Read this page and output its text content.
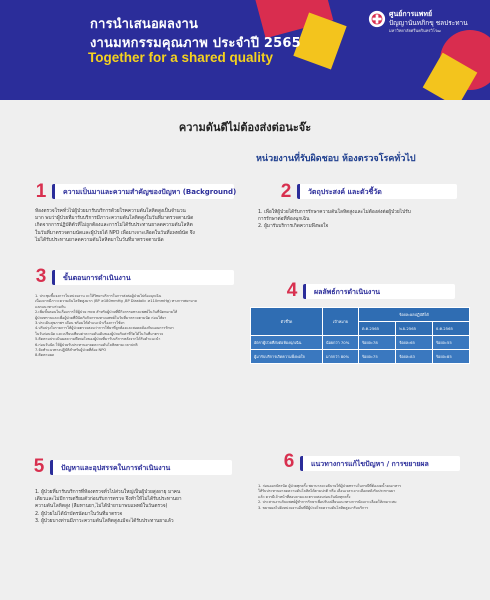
การนำเสนอผลงาน
งานมหกรรมคุณภาพ ประจำปี 2565
Together for a shared quality
ศูนย์การแพทย์
ปัญญานันทภิกขุ ชลประทาน
มหาวิทยาลัยศรีนครินทรวิโรฒ
ความดันดีไม่ต้องส่งต่อนะจ๊ะ
หน่วยงานที่รับผิดชอบ ห้องตรวจโรคทั่วไป
1	ความเป็นมาและความสำคัญของปัญหา (Background)
ห้องตรวจโรคทั่วไปผู้ป่วยมารับบริการด้วยโรคความดันโลหิตสูงเป็นจำนวน
มาก พบว่าผู้ป่วยที่มารับบริการมีภาวะความดันโลหิตสูงในวันที่มาตรวจตามนัด
เกิดจากการปฏิบัติตัวที่ไม่ถูกต้องและการไม่ได้รับประทานยาลดความดันโลหิต
ในวันที่มาตรวจตามนัดและผู้ป่วยได้ NPO เพื่อมาเจาะเลือดในวันที่แพทย์นัด จึง
ไม่ได้รับประทานยาลดความดันโลหิตมาในวันที่มาตรวจตามนัด
2	วัตถุประสงค์ และตัวชี้วัด
1. เพื่อให้ผู้ป่วยได้รับการรักษาความดันโลหิตสูงและไม่ต้องส่งต่อผู้ป่วยไปรับ
การรักษาต่อที่ห้องฉุกเฉิน
2. ผู้มารับบริการเกิดความพึงพอใจ
3	ขั้นตอนการดำเนินงาน
1. ประชุมชี้แจงการในหน่วยงาน จะให้วิทยาบริการในการส่งต่อผู้ป่วยไปห้องฉุกเฉิน
เนื่องจากมีภาวะความดันโลหิตสูงมาก (BP ≥180mmHg ,BP Diastolic ≥110mmHg) ทางการพยาบาล
แลกแนวทางร่วมกัน
2.เพิ่มขั้นตอนในเรื่องการให้ผู้ป่วย mca สำหรับผู้ป่วยที่มีกิจกรรมทางแพทย์ในวันที่นัดหมายให้
ผู้ป่วยทราบและเพื่อผู้ป่วยที่มีนัดกับกิจกรรมทางแพทย์ในวันที่มาตรวจตามนัด ก่อนให้ยา
3.ประเมินสุขภาพฯ เดือน พร้อมให้คำแนะนำเรื่องการใช้ยา
4.ปรับปรุงใบรายการให้ผู้ป่วยตรวจสอบว่าการใช้ยาที่ถูกต้องและสอดคล้องกับแผนการรักษา
ในวันก่อนนัด และเปรียบเทียบค่าความดันเดิมของผู้ป่วยกับค่าที่วัดได้ในวันที่มาตรวจ
5.ติดตามประเมินผลความพึงพอใจของผู้ป่วยที่มารับบริการหลังจากได้รับคำแนะนำ
6.ก่อนวันนัด ให้ผู้ป่วยรับประทานยาลดความดันโลหิตตามเวลาปกติ
7.จัดทำแนวทางปฏิบัติสำหรับผู้ป่วยที่ต้อง NPO
8.ติดตามผล
4	ผลลัพธ์การดำเนินงาน
ตัวชี้วัด	เป้าหมาย	ร้อยละผลปฏิบัติได้		
		ต.ค.2565	พ.ย.2565	ธ.ค.2565
อัตราผู้ป่วยที่ส่งต่อห้องฉุกเฉิน	น้อยกว่า 70%	ร้อยละ78	ร้อยละ65	ร้อยละ55
ผู้มารับบริการเกิดความพึงพอใจ	มากกว่า 80%	ร้อยละ75	ร้อยละ83	ร้อยละ85
5	ปัญหาและอุปสรรคในการดำเนินงาน
1. ผู้ป่วยที่มารับบริการที่ห้องตรวจทั่วไปส่วนใหญ่เป็นผู้ป่วยสูงอายุ มาคน
เดียวและไม่มีการเตรียมตัวก่อนรับการตรวจ จึงทำให้ไม่ได้รับประทานยา
ความดันโลหิตสูง (ลืมทานยา,ไม่ได้นำยามาพบแพทย์ในวันตรวจ)
2. ผู้ป่วยไม่ได้นำบัตรนัดมาในวันที่มาตรวจ
3. ผู้ป่วยบางท่านมีภาวะความดันโลหิตสูงแม้จะได้รับประทานยาแล้ว
6	แนวทางการแก้ไขปัญหา / การขยายผล
1. ก่อนออกบัตรนัด ผู้ป่วยทุกครั้ง พยาบาลจะอธิบายให้ผู้ป่วยทราบในกรณีที่ต้องงดน้ำงดอาหาร
ให้รับประทานยาลดความดันโลหิตได้ตามปกติ หรือ เลื่อนเวลาเจาะเลือดหลังรับประทานยา
แล้ว ควรมีเจ้าหน้าที่สอบถามและตรวจสอบก่อนวันนัดทุกครั้ง
2. ประสานงานกับแพทย์ผู้ทำการรักษาเพื่อปรับเปลี่ยนแนวทางการนัดเจาะเลือดให้เหมาะสม
3. ขยายผลไปยังหน่วยงานอื่นที่มีผู้ป่วยโรคความดันโลหิตสูงมารับบริการ
